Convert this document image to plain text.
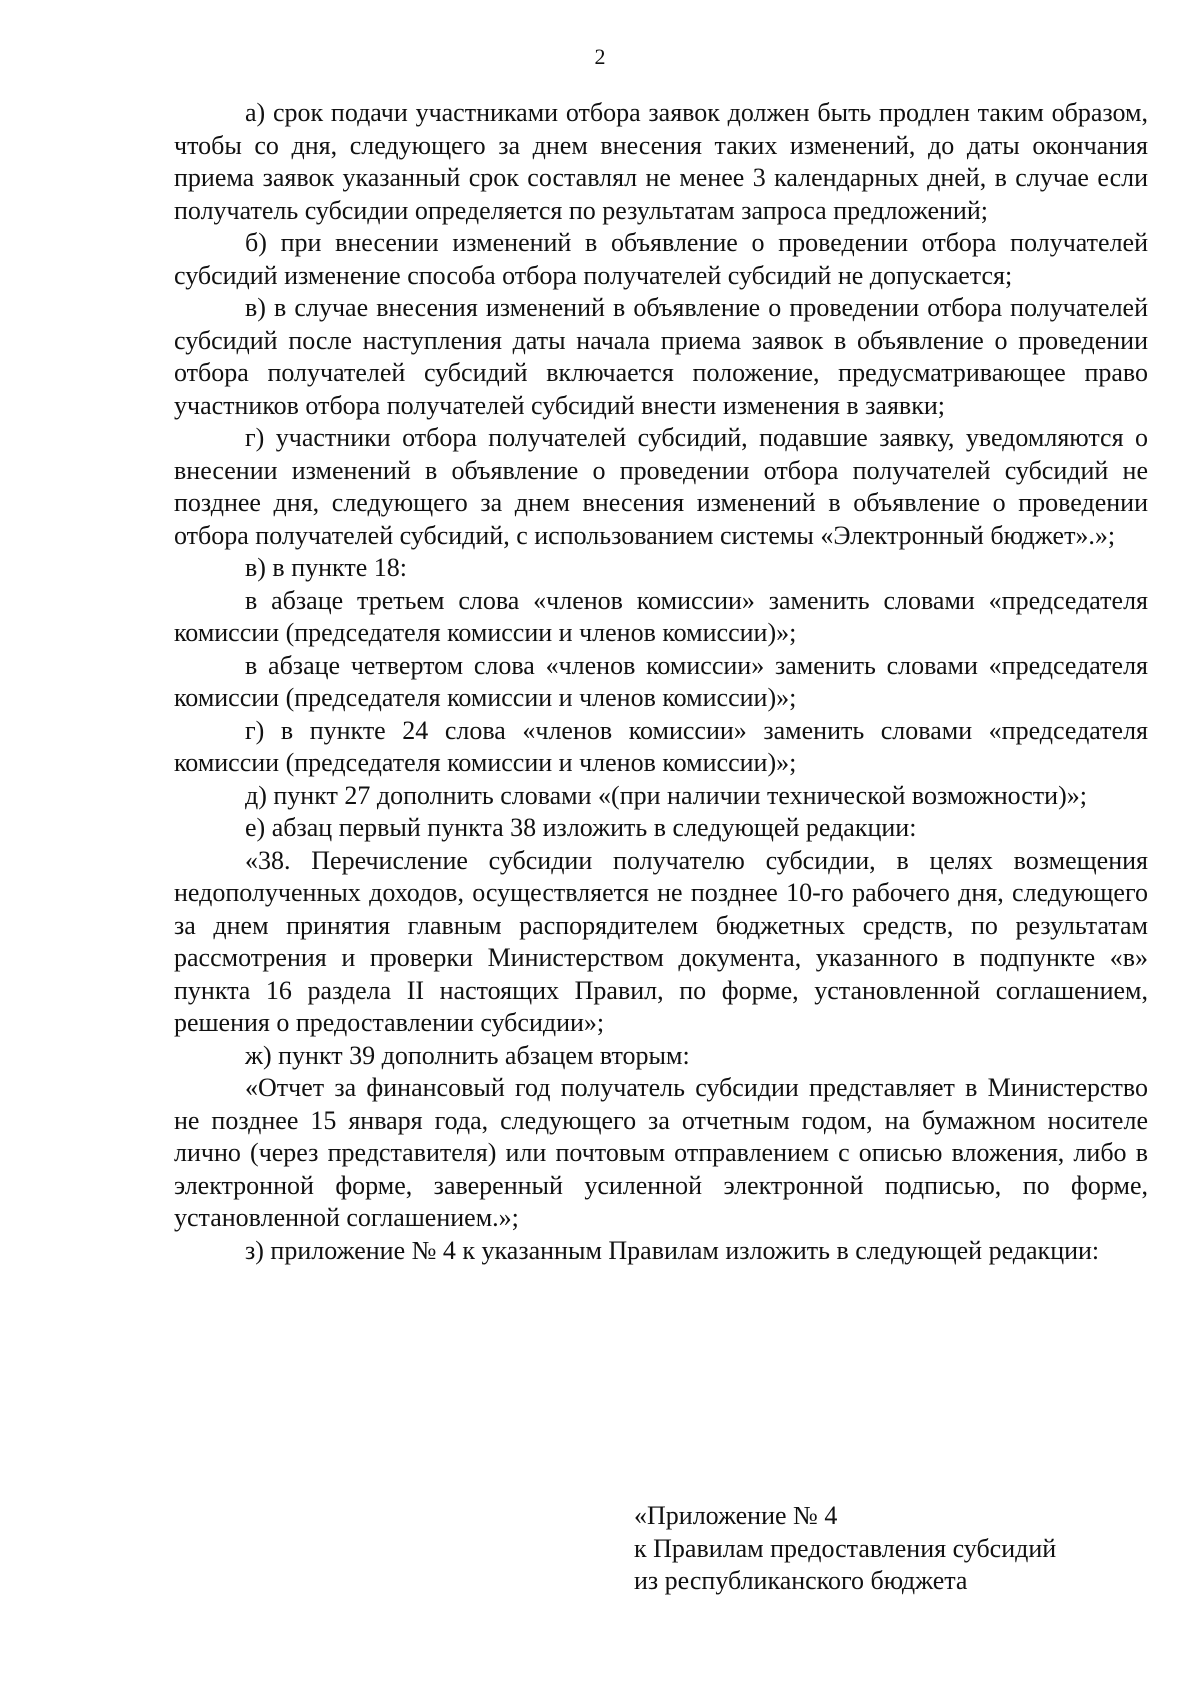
2

а) срок подачи участниками отбора заявок должен быть продлен таким образом, чтобы со дня, следующего за днем внесения таких изменений, до даты окончания приема заявок указанный срок составлял не менее 3 календарных дней, в случае если получатель субсидии определяется по результатам запроса предложений;

б) при внесении изменений в объявление о проведении отбора получателей субсидий изменение способа отбора получателей субсидий не допускается;

в) в случае внесения изменений в объявление о проведении отбора получателей субсидий после наступления даты начала приема заявок в объявление о проведении отбора получателей субсидий включается положение, предусматривающее право участников отбора получателей субсидий внести изменения в заявки;

г) участники отбора получателей субсидий, подавшие заявку, уведомляются о внесении изменений в объявление о проведении отбора получателей субсидий не позднее дня, следующего за днем внесения изменений в объявление о проведении отбора получателей субсидий, с использованием системы «Электронный бюджет».»;

в) в пункте 18:

в абзаце третьем слова «членов комиссии» заменить словами «председателя комиссии (председателя комиссии и членов комиссии)»;

в абзаце четвертом слова «членов комиссии» заменить словами «председателя комиссии (председателя комиссии и членов комиссии)»;

г) в пункте 24 слова «членов комиссии» заменить словами «председателя комиссии (председателя комиссии и членов комиссии)»;

д) пункт 27 дополнить словами «(при наличии технической возможности)»;

е) абзац первый пункта 38 изложить в следующей редакции:

«38. Перечисление субсидии получателю субсидии, в целях возмещения недополученных доходов, осуществляется не позднее 10-го рабочего дня, следующего за днем принятия главным распорядителем бюджетных средств, по результатам рассмотрения и проверки Министерством документа, указанного в подпункте «в» пункта 16 раздела II настоящих Правил, по форме, установленной соглашением, решения о предоставлении субсидии»;

ж) пункт 39 дополнить абзацем вторым:

«Отчет за финансовый год получатель субсидии представляет в Министерство не позднее 15 января года, следующего за отчетным годом, на бумажном носителе лично (через представителя) или почтовым отправлением с описью вложения, либо в электронной форме, заверенный усиленной электронной подписью, по форме, установленной соглашением.»;

з) приложение № 4 к указанным Правилам изложить в следующей редакции:

«Приложение № 4
к Правилам предоставления субсидий
из республиканского бюджета
